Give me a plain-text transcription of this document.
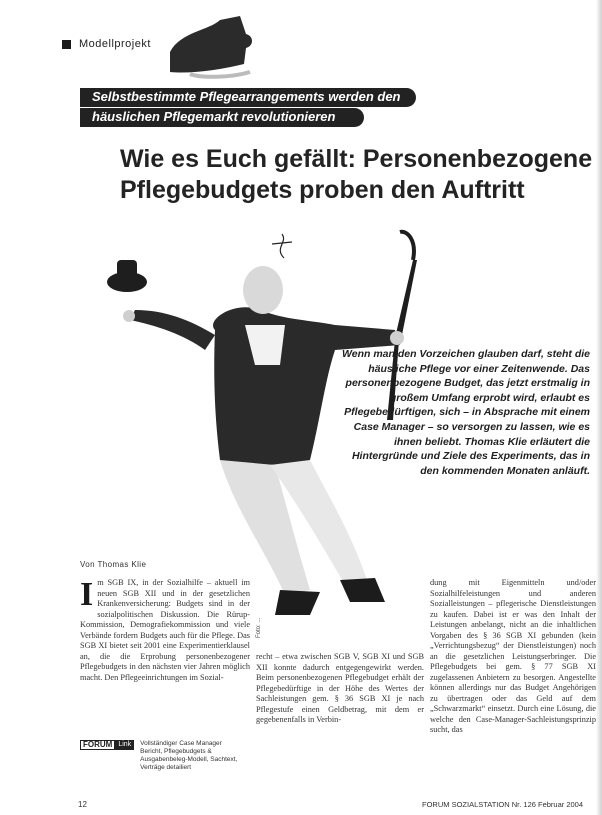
Modellprojekt
Selbstbestimmte Pflegearrangements werden den
häuslichen Pflegemarkt revolutionieren
Wie es Euch gefällt: Personenbezogene Pflegebudgets proben den Auftritt
Foto: ...
Wenn man den Vorzeichen glauben darf, steht die häusliche Pflege vor einer Zeitenwende. Das personenbezogene Budget, das jetzt erstmalig in großem Umfang erprobt wird, erlaubt es Pflegebedürftigen, sich – in Absprache mit einem Case Manager – so versorgen zu lassen, wie es ihnen beliebt. Thomas Klie erläutert die Hintergründe und Ziele des Experiments, das in den kommenden Monaten anläuft.
Von Thomas Klie
I m SGB IX, in der Sozialhilfe – aktuell im neuen SGB XII und in der gesetzlichen Krankenversicherung: Budgets sind in der sozialpolitischen Diskussion. Die Rürup-Kommission, Demografiekommission und viele Verbände fordern Budgets auch für die Pflege. Das SGB XI bietet seit 2001 eine Experimentierklausel an, die die Erprobung personenbezogener Pflegebudgets in den nächsten vier Jahren möglich macht. Den Pflegeeinrichtungen im Sozial-
recht – etwa zwischen SGB V, SGB XI und SGB XII konnte dadurch entgegengewirkt werden. Beim personenbezogenen Pflegebudget erhält der Pflegebedürftige in der Höhe des Wertes der Sachleistungen gem. § 36 SGB XI je nach Pflegestufe einen Geldbetrag, mit dem er gegebenenfalls in Verbin-
dung mit Eigenmitteln und/oder Sozialhilfeleistungen und anderen Sozialleistungen – pflegerische Dienstleistungen zu kaufen. Dabei ist er was den Inhalt der Leistungen anbelangt, nicht an die inhaltlichen Vorgaben des § 36 SGB XI gebunden (kein „Verrichtungsbezug“ der Dienstleistungen) noch an die gesetzlichen Leistungserbringer. Die Pflegebudgets bei gem. § 77 SGB XI zugelassenen Anbietern zu besorgen. Angestellte können allerdings nur das Budget Angehörigen zu übertragen oder das Geld auf dem „Schwarzmarkt“ einsetzt. Durch eine Lösung, die welche den Case-Manager-Sachleistungsprinzip sucht, das
FORUM Link	Vollständiger Case Manager Bericht, Pflegebudgets & Ausgabenbeleg-Modell, Sachtext, Verträge detailiert
12	FORUM SOZIALSTATION Nr. 126 Februar 2004
